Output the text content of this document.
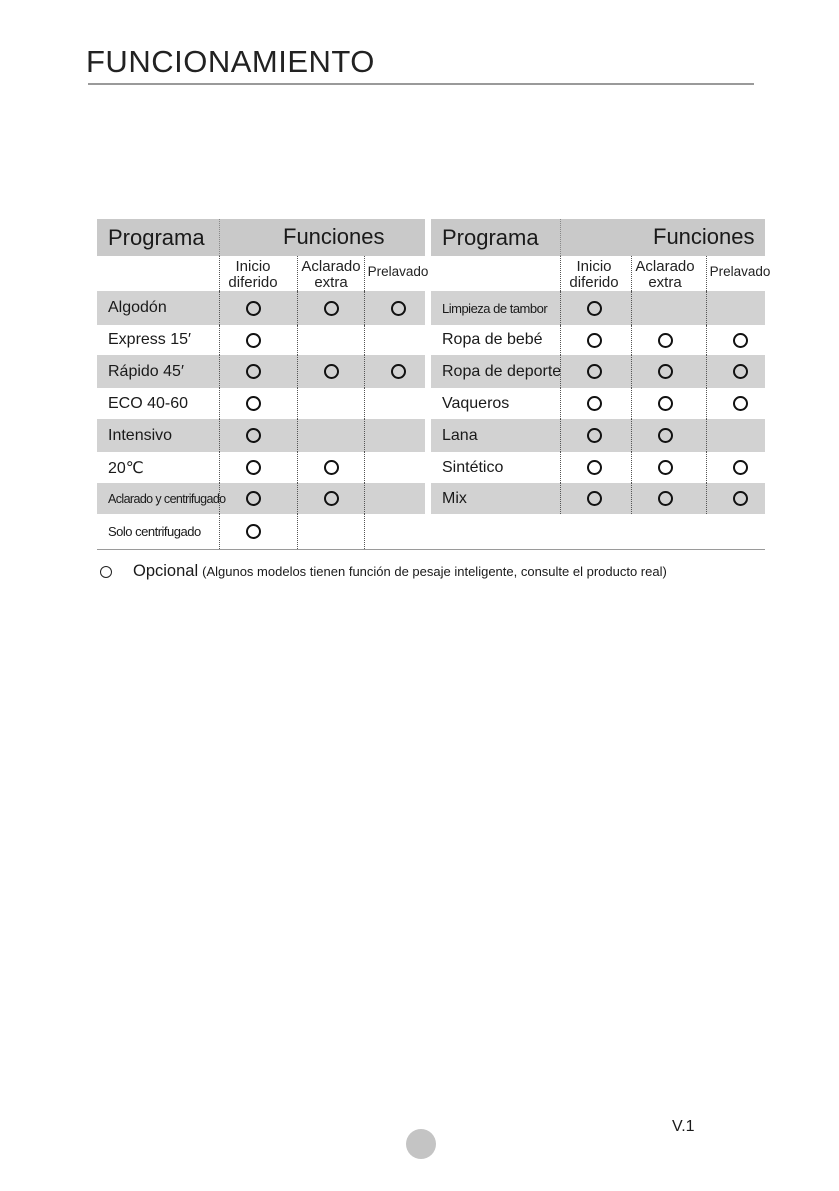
FUNCIONAMIENTO
Programa	Funciones
Inicio
diferido
Aclarado
extra
Prelavado
Algodón
Express 15′
Rápido 45′
ECO 40-60
Intensivo
20℃
Aclarado y centrifugado
Solo centrifugado
Programa	Funciones
Inicio
diferido
Aclarado
extra
Prelavado
Limpieza de tambor
Ropa de bebé
Ropa de deporte
Vaqueros
Lana
Sintético
Mix
Opcional (Algunos modelos tienen función de pesaje inteligente, consulte el producto real)
V.1
